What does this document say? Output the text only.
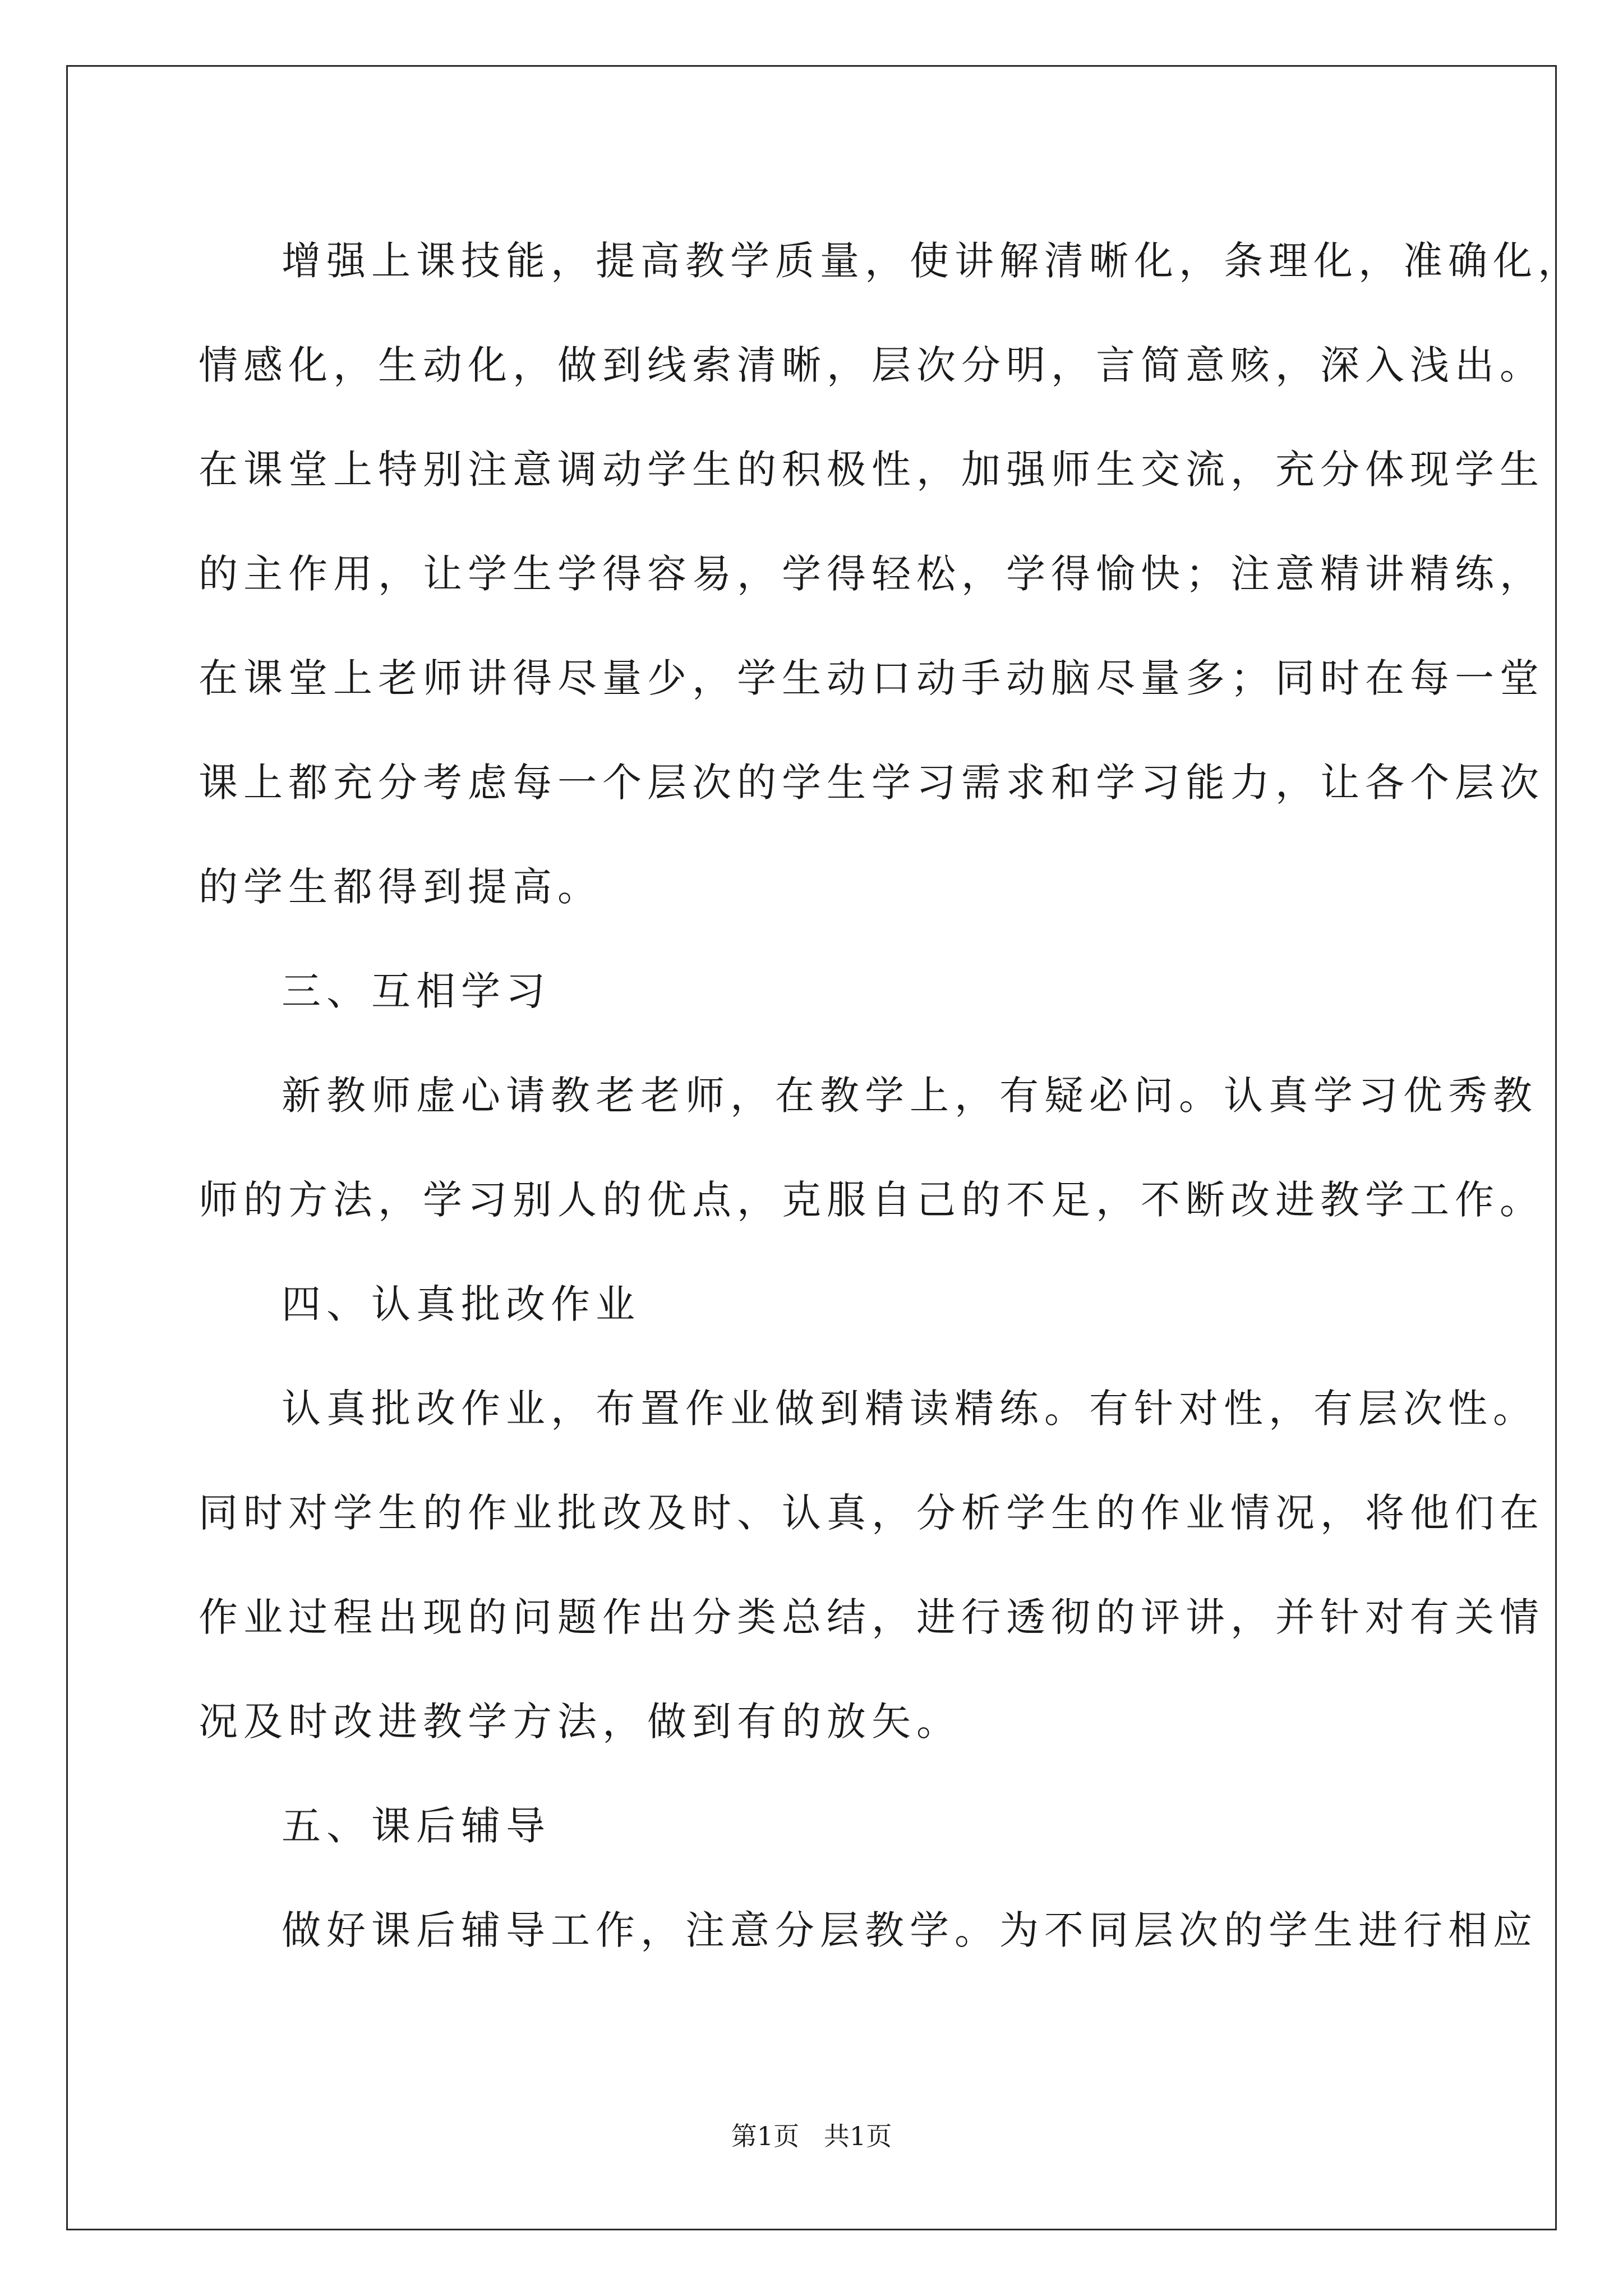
增强上课技能，提高教学质量，使讲解清晰化，条理化，准确化，
情感化，生动化，做到线索清晰，层次分明，言简意赅，深入浅出。
在课堂上特别注意调动学生的积极性，加强师生交流，充分体现学生
的主作用，让学生学得容易，学得轻松，学得愉快；注意精讲精练，
在课堂上老师讲得尽量少，学生动口动手动脑尽量多；同时在每一堂
课上都充分考虑每一个层次的学生学习需求和学习能力，让各个层次
的学生都得到提高。
三、互相学习
新教师虚心请教老老师，在教学上，有疑必问。认真学习优秀教
师的方法，学习别人的优点，克服自己的不足，不断改进教学工作。
四、认真批改作业
认真批改作业，布置作业做到精读精练。有针对性，有层次性。
同时对学生的作业批改及时、认真，分析学生的作业情况，将他们在
作业过程出现的问题作出分类总结，进行透彻的评讲，并针对有关情
况及时改进教学方法，做到有的放矢。
五、课后辅导
做好课后辅导工作，注意分层教学。为不同层次的学生进行相应
第1页   共1页
